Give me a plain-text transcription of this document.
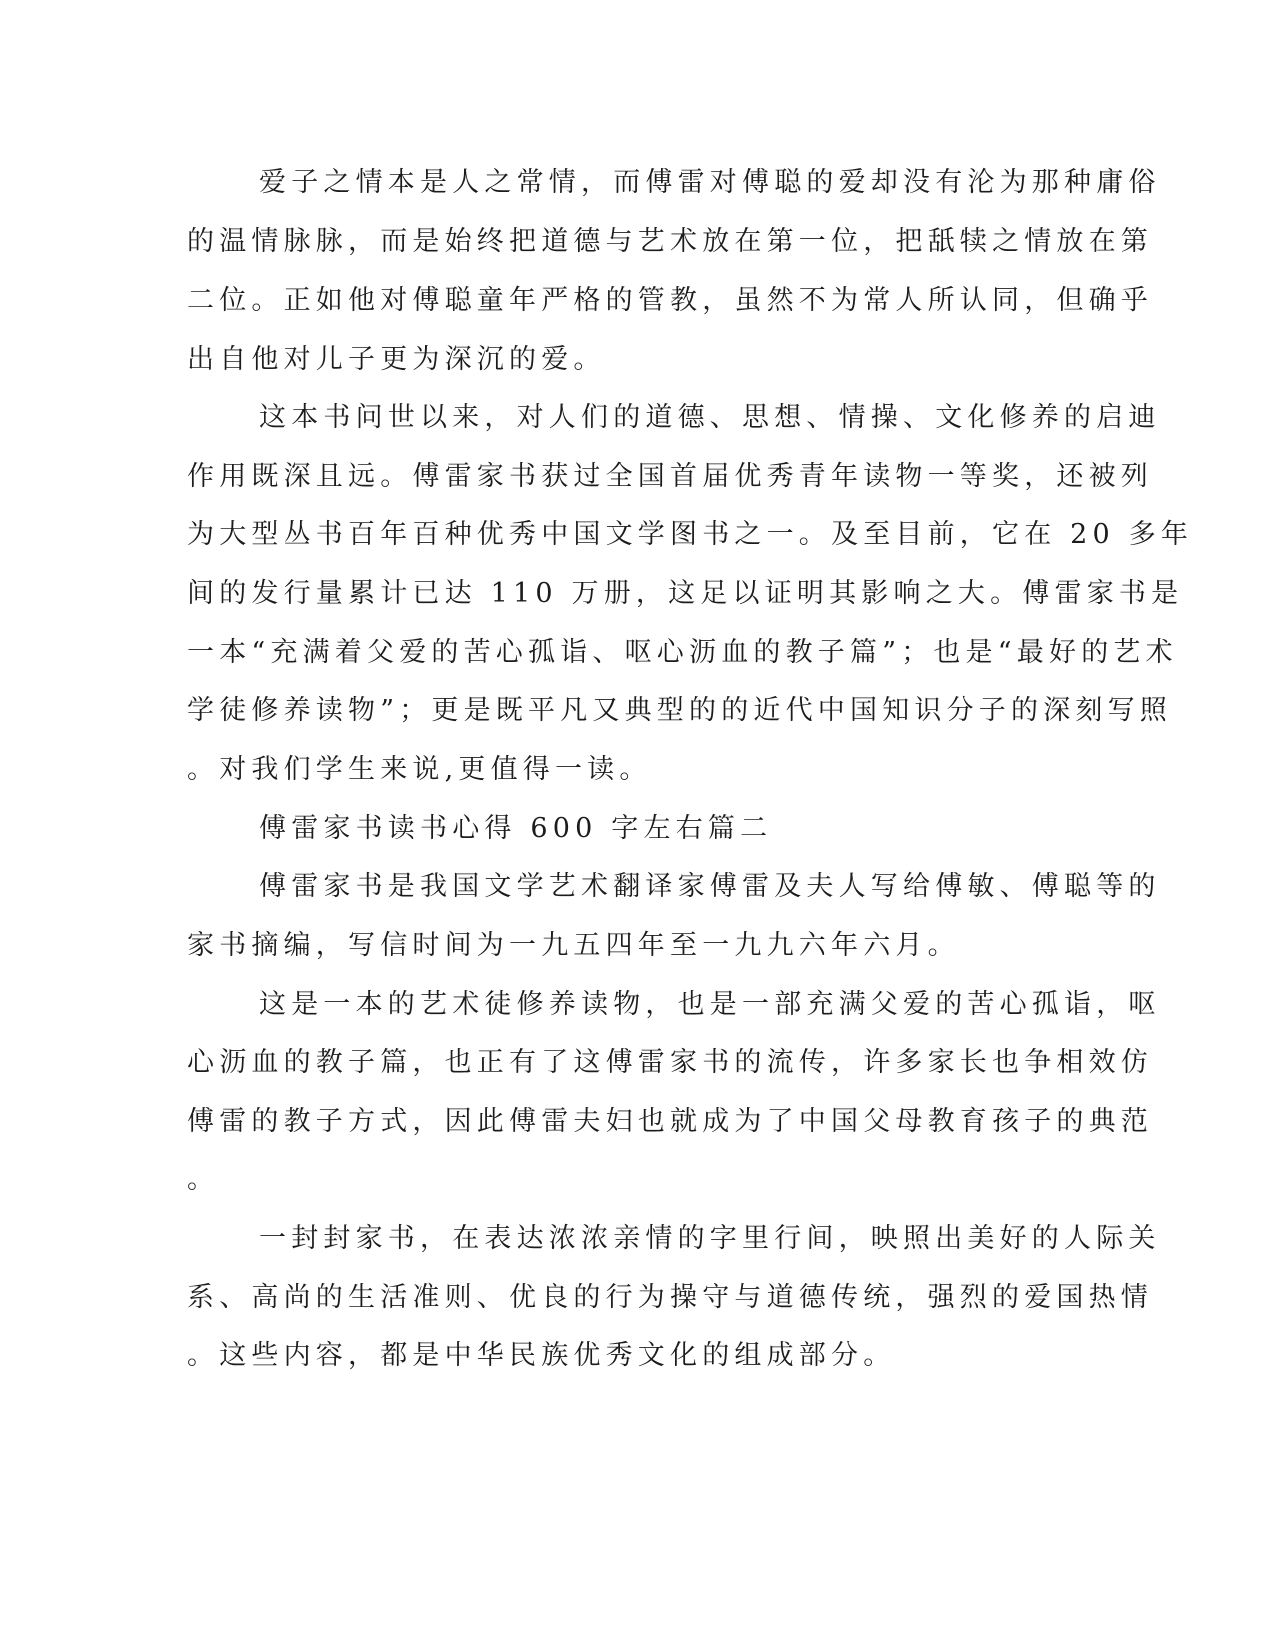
爱子之情本是人之常情，而傅雷对傅聪的爱却没有沦为那种庸俗
的温情脉脉，而是始终把道德与艺术放在第一位，把舐犊之情放在第
二位。正如他对傅聪童年严格的管教，虽然不为常人所认同，但确乎
出自他对儿子更为深沉的爱。
这本书问世以来，对人们的道德、思想、情操、文化修养的启迪
作用既深且远。傅雷家书获过全国首届优秀青年读物一等奖，还被列
为大型丛书百年百种优秀中国文学图书之一。及至目前，它在 20 多年
间的发行量累计已达 110 万册，这足以证明其影响之大。傅雷家书是
一本“充满着父爱的苦心孤诣、呕心沥血的教子篇”；也是“最好的艺术
学徒修养读物”；更是既平凡又典型的的近代中国知识分子的深刻写照
。对我们学生来说,更值得一读。
傅雷家书读书心得 600 字左右篇二
傅雷家书是我国文学艺术翻译家傅雷及夫人写给傅敏、傅聪等的
家书摘编，写信时间为一九五四年至一九九六年六月。
这是一本的艺术徒修养读物，也是一部充满父爱的苦心孤诣，呕
心沥血的教子篇，也正有了这傅雷家书的流传，许多家长也争相效仿
傅雷的教子方式，因此傅雷夫妇也就成为了中国父母教育孩子的典范
。
一封封家书，在表达浓浓亲情的字里行间，映照出美好的人际关
系、高尚的生活准则、优良的行为操守与道德传统，强烈的爱国热情
。这些内容，都是中华民族优秀文化的组成部分。
